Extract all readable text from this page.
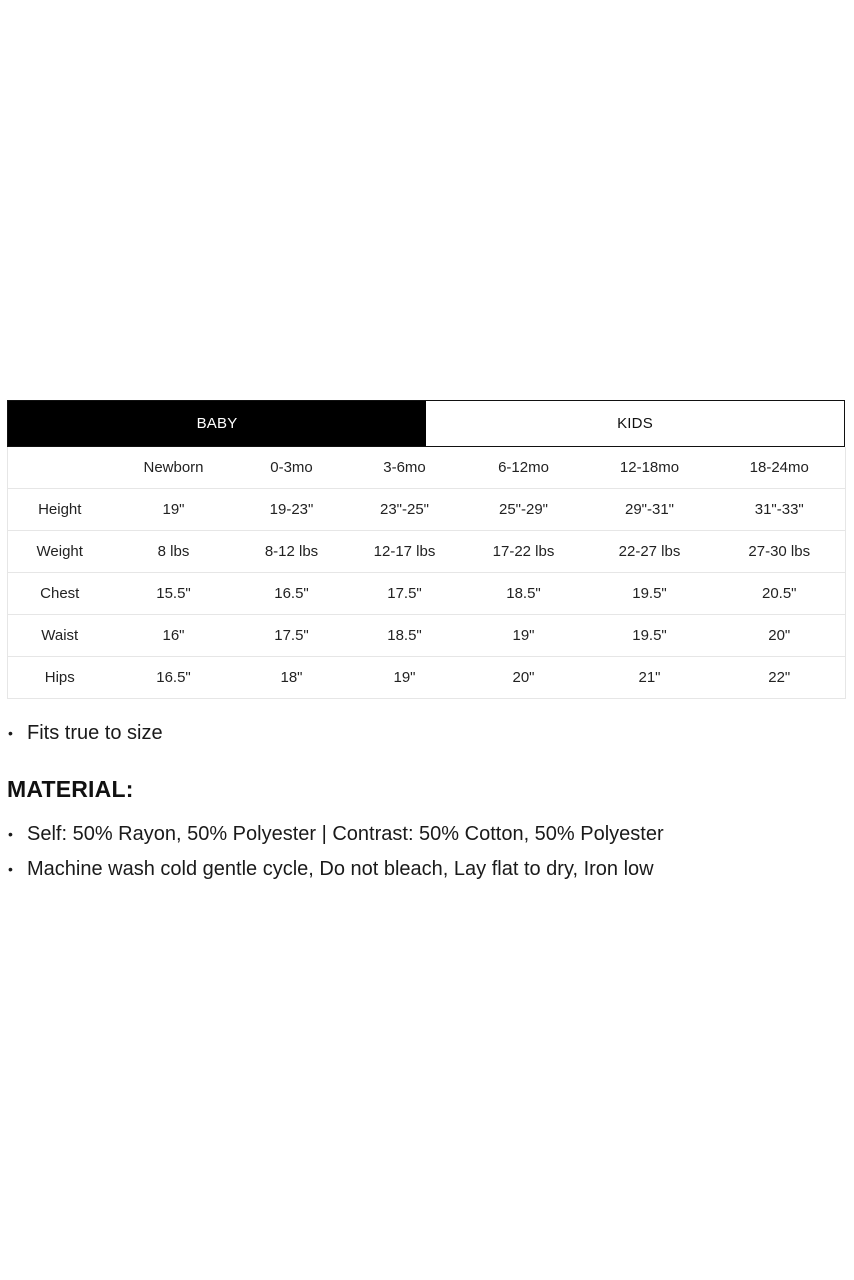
BABY	KIDS
	Newborn	0-3mo	3-6mo	6-12mo	12-18mo	18-24mo
Height	19"	19-23"	23"-25"	25"-29"	29"-31"	31"-33"
Weight	8 lbs	8-12 lbs	12-17 lbs	17-22 lbs	22-27 lbs	27-30 lbs
Chest	15.5"	16.5"	17.5"	18.5"	19.5"	20.5"
Waist	16"	17.5"	18.5"	19"	19.5"	20"
Hips	16.5"	18"	19"	20"	21"	22"
• Fits true to size
MATERIAL:
• Self: 50% Rayon, 50% Polyester | Contrast: 50% Cotton, 50% Polyester
• Machine wash cold gentle cycle, Do not bleach, Lay flat to dry, Iron low
